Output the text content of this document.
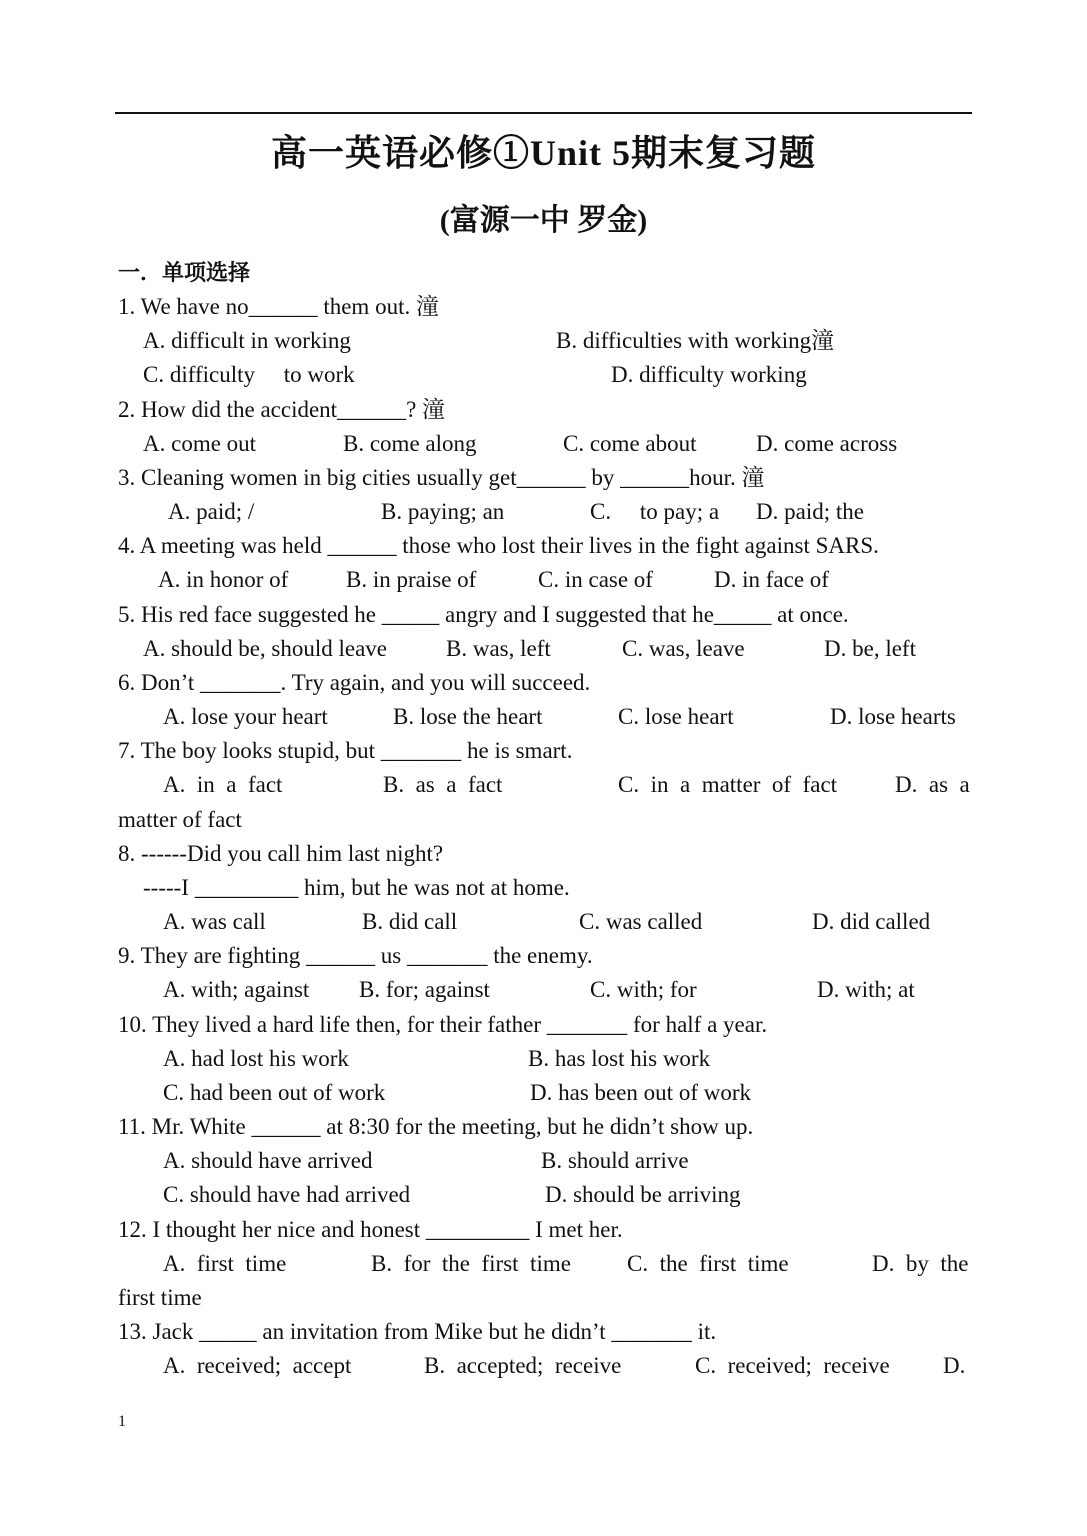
高一英语必修①Unit 5期末复习题
(富源一中 罗金)
一．单项选择
1. We have no______ them out. 潼
A. difficult in working	B. difficulties with working潼
C. difficulty     to work	D. difficulty working
2. How did the accident______? 潼
A. come out	B. come along	C. come about	D. come across
3. Cleaning women in big cities usually get______ by ______hour. 潼
A. paid; /	B. paying; an	C.     to pay; a D. paid; the
4. A meeting was held ______ those who lost their lives in the fight against SARS.
A. in honor of	B. in praise of	C. in case of	D. in face of
5. His red face suggested he _____ angry and I suggested that he_____ at once.
A. should be, should leave	B. was, left	C. was, leave	D. be, left
6. Don’t _______. Try again, and you will succeed.
A. lose your heart	B. lose the heart	C. lose heart	D. lose hearts
7. The boy looks stupid, but _______ he is smart.
A.  in  a  fact	B.  as  a  fact	C.  in  a  matter  of  fact	D.  as  a
matter of fact
8. ------Did you call him last night?
-----I _________ him, but he was not at home.
A. was call	B. did call	C. was called	D. did called
9. They are fighting ______ us _______ the enemy.
A. with; against B. for; against	C. with; for	D. with; at
10. They lived a hard life then, for their father _______ for half a year.
A. had lost his work	B. has lost his work
C. had been out of work	D. has been out of work
11. Mr. White ______ at 8:30 for the meeting, but he didn’t show up.
A. should have arrived	B. should arrive
C. should have had arrived	D. should be arriving
12. I thought her nice and honest _________ I met her.
A.  first  time	B.  for  the  first  time C.  the  first  time	D.  by  the
first time
13. Jack _____ an invitation from Mike but he didn’t _______ it.
A.  received;  accept	B.  accepted;  receive	C.  received;  receive D.
1
